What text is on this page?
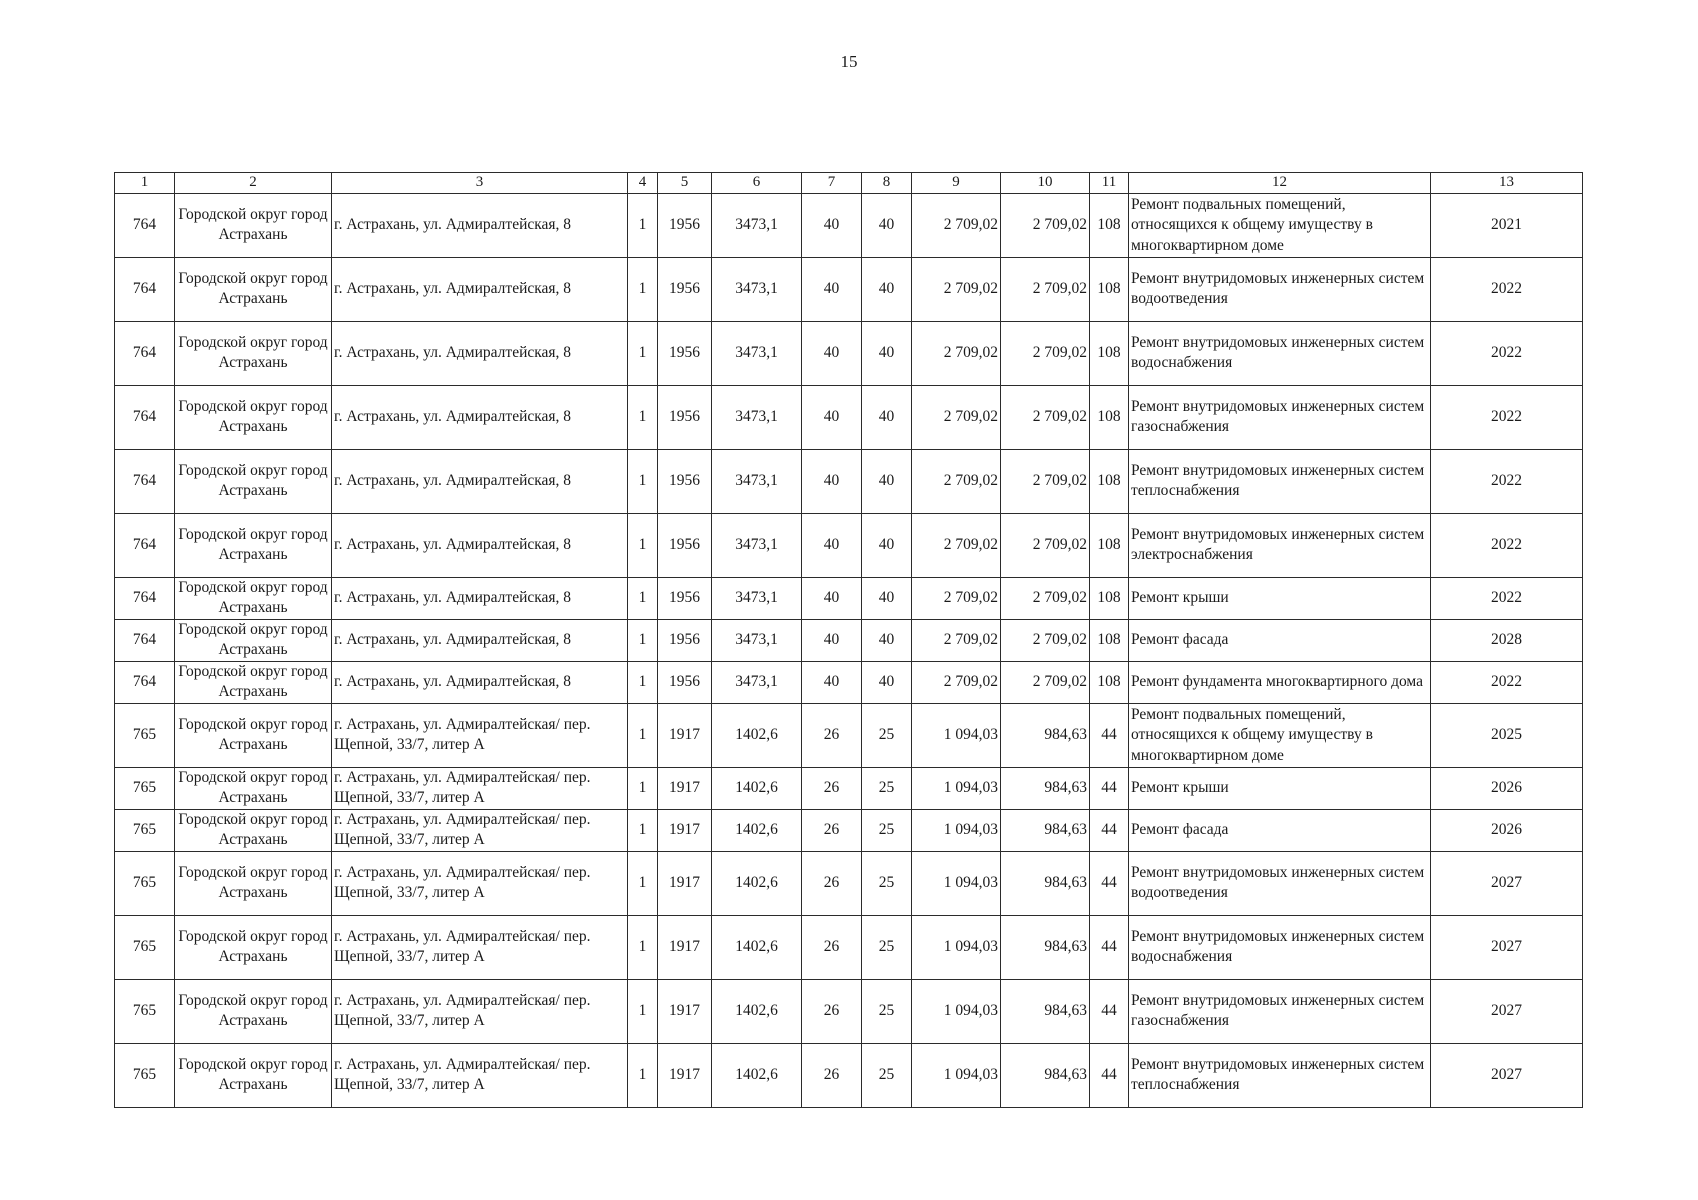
15
1	2	3	4	5	6	7	8	9	10	11	12	13
764	Городской округ город Астрахань	г. Астрахань, ул. Адмиралтейская, 8	1	1956	3473,1	40	40	2 709,02	2 709,02	108	Ремонт подвальных помещений, относящихся к общему имуществу в многоквартирном доме	2021
764	Городской округ город Астрахань	г. Астрахань, ул. Адмиралтейская, 8	1	1956	3473,1	40	40	2 709,02	2 709,02	108	Ремонт внутридомовых инженерных систем водоотведения	2022
764	Городской округ город Астрахань	г. Астрахань, ул. Адмиралтейская, 8	1	1956	3473,1	40	40	2 709,02	2 709,02	108	Ремонт внутридомовых инженерных систем водоснабжения	2022
764	Городской округ город Астрахань	г. Астрахань, ул. Адмиралтейская, 8	1	1956	3473,1	40	40	2 709,02	2 709,02	108	Ремонт внутридомовых инженерных систем газоснабжения	2022
764	Городской округ город Астрахань	г. Астрахань, ул. Адмиралтейская, 8	1	1956	3473,1	40	40	2 709,02	2 709,02	108	Ремонт внутридомовых инженерных систем теплоснабжения	2022
764	Городской округ город Астрахань	г. Астрахань, ул. Адмиралтейская, 8	1	1956	3473,1	40	40	2 709,02	2 709,02	108	Ремонт внутридомовых инженерных систем электроснабжения	2022
764	Городской округ город Астрахань	г. Астрахань, ул. Адмиралтейская, 8	1	1956	3473,1	40	40	2 709,02	2 709,02	108	Ремонт крыши	2022
764	Городской округ город Астрахань	г. Астрахань, ул. Адмиралтейская, 8	1	1956	3473,1	40	40	2 709,02	2 709,02	108	Ремонт фасада	2028
764	Городской округ город Астрахань	г. Астрахань, ул. Адмиралтейская, 8	1	1956	3473,1	40	40	2 709,02	2 709,02	108	Ремонт фундамента многоквартирного дома	2022
765	Городской округ город Астрахань	г. Астрахань, ул. Адмиралтейская/ пер. Щепной, 33/7, литер А	1	1917	1402,6	26	25	1 094,03	984,63	44	Ремонт подвальных помещений, относящихся к общему имуществу в многоквартирном доме	2025
765	Городской округ город Астрахань	г. Астрахань, ул. Адмиралтейская/ пер. Щепной, 33/7, литер А	1	1917	1402,6	26	25	1 094,03	984,63	44	Ремонт крыши	2026
765	Городской округ город Астрахань	г. Астрахань, ул. Адмиралтейская/ пер. Щепной, 33/7, литер А	1	1917	1402,6	26	25	1 094,03	984,63	44	Ремонт фасада	2026
765	Городской округ город Астрахань	г. Астрахань, ул. Адмиралтейская/ пер. Щепной, 33/7, литер А	1	1917	1402,6	26	25	1 094,03	984,63	44	Ремонт внутридомовых инженерных систем водоотведения	2027
765	Городской округ город Астрахань	г. Астрахань, ул. Адмиралтейская/ пер. Щепной, 33/7, литер А	1	1917	1402,6	26	25	1 094,03	984,63	44	Ремонт внутридомовых инженерных систем водоснабжения	2027
765	Городской округ город Астрахань	г. Астрахань, ул. Адмиралтейская/ пер. Щепной, 33/7, литер А	1	1917	1402,6	26	25	1 094,03	984,63	44	Ремонт внутридомовых инженерных систем газоснабжения	2027
765	Городской округ город Астрахань	г. Астрахань, ул. Адмиралтейская/ пер. Щепной, 33/7, литер А	1	1917	1402,6	26	25	1 094,03	984,63	44	Ремонт внутридомовых инженерных систем теплоснабжения	2027
